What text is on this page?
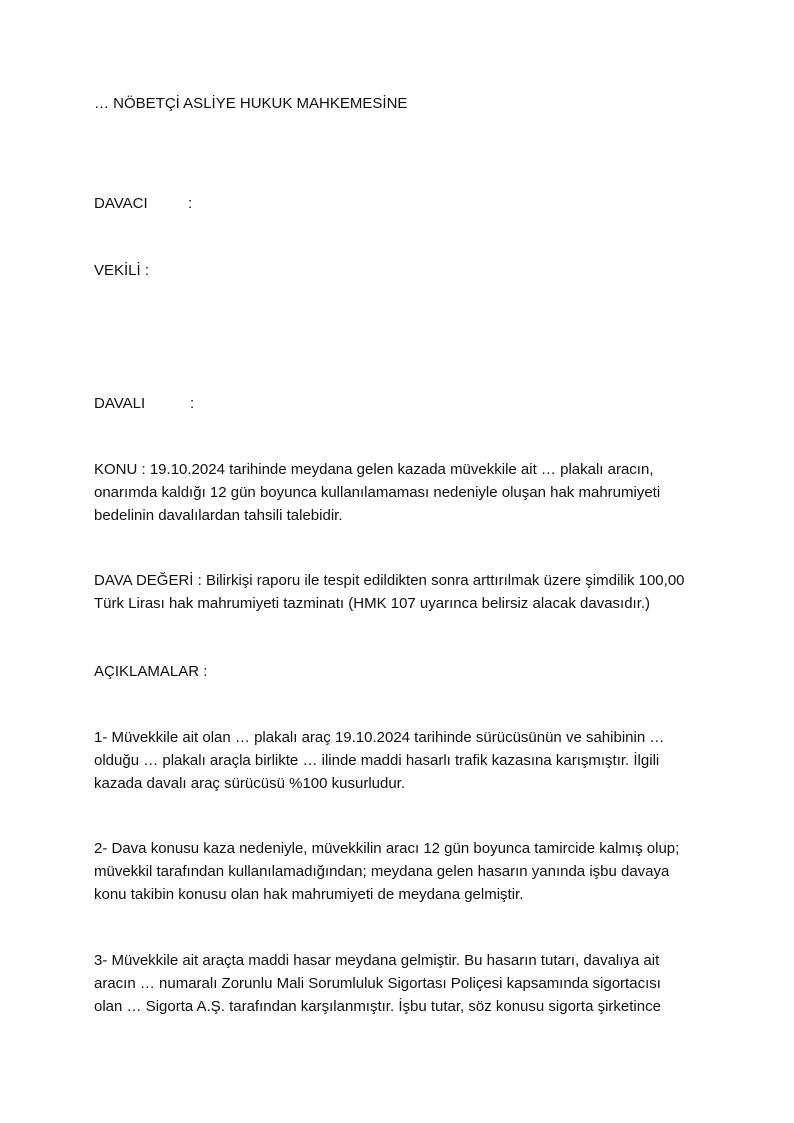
… NÖBETÇİ ASLİYE HUKUK MAHKEMESİNE
DAVACI	:
VEKİLİ :
DAVALI	:

KONU : 19.10.2024 tarihinde meydana gelen kazada müvekkile ait … plakalı aracın,

onarımda kaldığı 12 gün boyunca kullanılamaması nedeniyle oluşan hak mahrumiyeti

bedelinin davalılardan tahsili talebidir.

DAVA DEĞERİ : Bilirkişi raporu ile tespit edildikten sonra arttırılmak üzere şimdilik 100,00

Türk Lirası hak mahrumiyeti tazminatı (HMK 107 uyarınca belirsiz alacak davasıdır.)

AÇIKLAMALAR :

1- Müvekkile ait olan … plakalı araç 19.10.2024 tarihinde sürücüsünün ve sahibinin …

olduğu … plakalı araçla birlikte … ilinde maddi hasarlı trafik kazasına karışmıştır. İlgili

kazada davalı araç sürücüsü %100 kusurludur.

2- Dava konusu kaza nedeniyle, müvekkilin aracı 12 gün boyunca tamircide kalmış olup;

müvekkil tarafından kullanılamadığından; meydana gelen hasarın yanında işbu davaya

konu takibin konusu olan hak mahrumiyeti de meydana gelmiştir.

3- Müvekkile ait araçta maddi hasar meydana gelmiştir. Bu hasarın tutarı, davalıya ait

aracın … numaralı Zorunlu Mali Sorumluluk Sigortası Poliçesi kapsamında sigortacısı

olan … Sigorta A.Ş. tarafından karşılanmıştır. İşbu tutar, söz konusu sigorta şirketince
